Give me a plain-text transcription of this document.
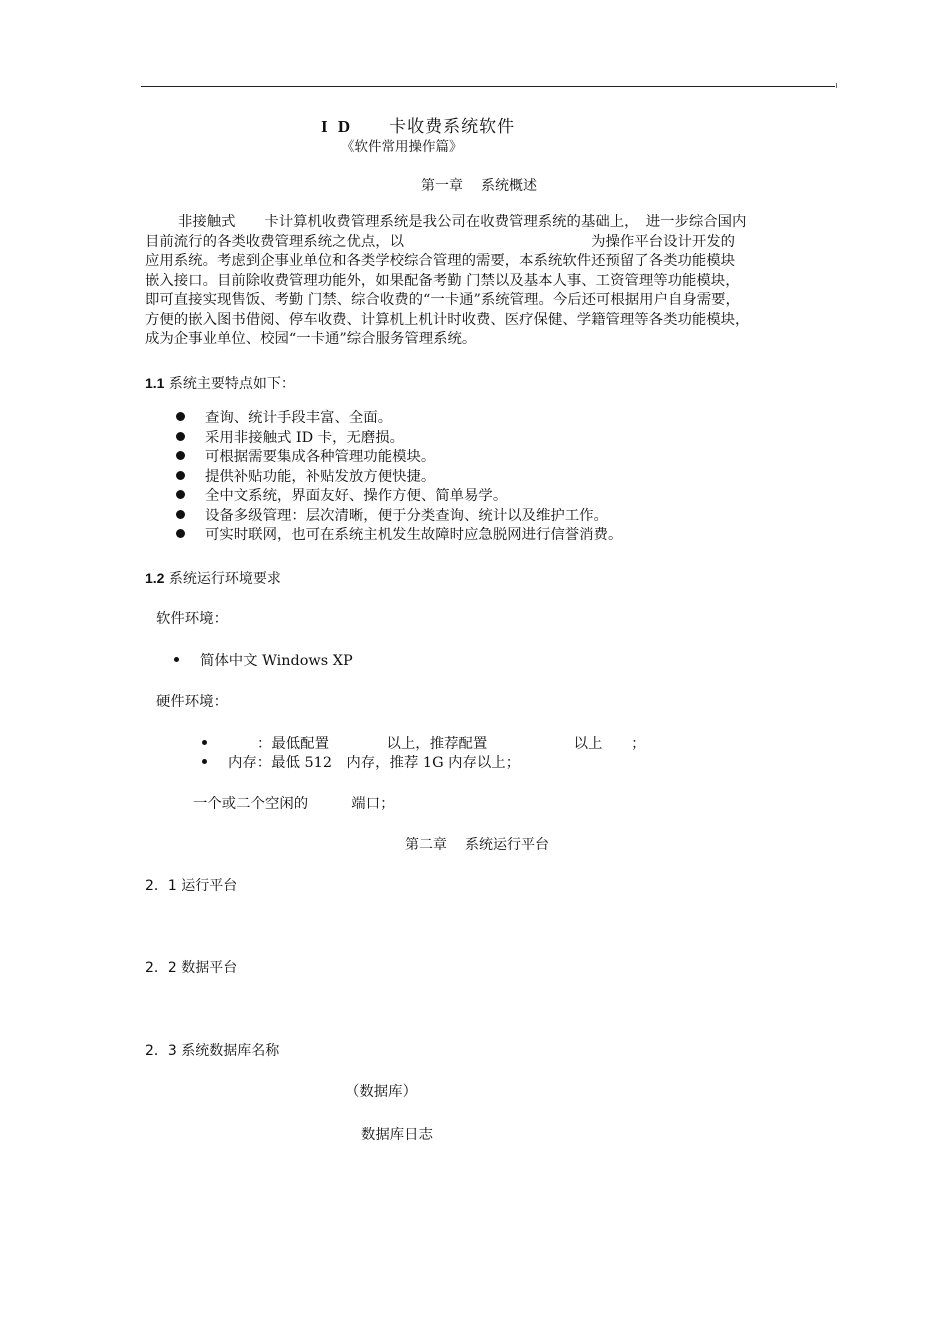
I D 卡收费系统软件
《软件常用操作篇》
第一章 系统概述
非接触式　　卡计算机收费管理系统是我公司在收费管理系统的基础上，　进一步综合国内
目前流行的各类收费管理系统之优点，以　　　　　　　　　　　　　为操作平台设计开发的
应用系统。考虑到企事业单位和各类学校综合管理的需要，本系统软件还预留了各类功能模块
嵌入接口。目前除收费管理功能外，如果配备考勤 门禁以及基本人事、工资管理等功能模块，
即可直接实现售饭、考勤 门禁、综合收费的“一卡通”系统管理。今后还可根据用户自身需要，
方便的嵌入图书借阅、停车收费、计算机上机计时收费、医疗保健、学籍管理等各类功能模块，
成为企事业单位、校园“一卡通”综合服务管理系统。
1.1 系统主要特点如下：
查询、统计手段丰富、全面。
采用非接触式 ID 卡，无磨损。
可根据需要集成各种管理功能模块。
提供补贴功能，补贴发放方便快捷。
全中文系统，界面友好、操作方便、简单易学。
设备多级管理：层次清晰，便于分类查询、统计以及维护工作。
可实时联网，也可在系统主机发生故障时应急脱网进行信誉消费。
1.2 系统运行环境要求
软件环境：
简体中文 Windows XP
硬件环境：
：最低配置　　　　以上，推荐配置　　　　　　以上　　；
内存：最低 512　内存，推荐 1G 内存以上；
一个或二个空闲的　　　端口；
第二章 系统运行平台
2．1 运行平台
2．2 数据平台
2．3 系统数据库名称
（数据库）
数据库日志
